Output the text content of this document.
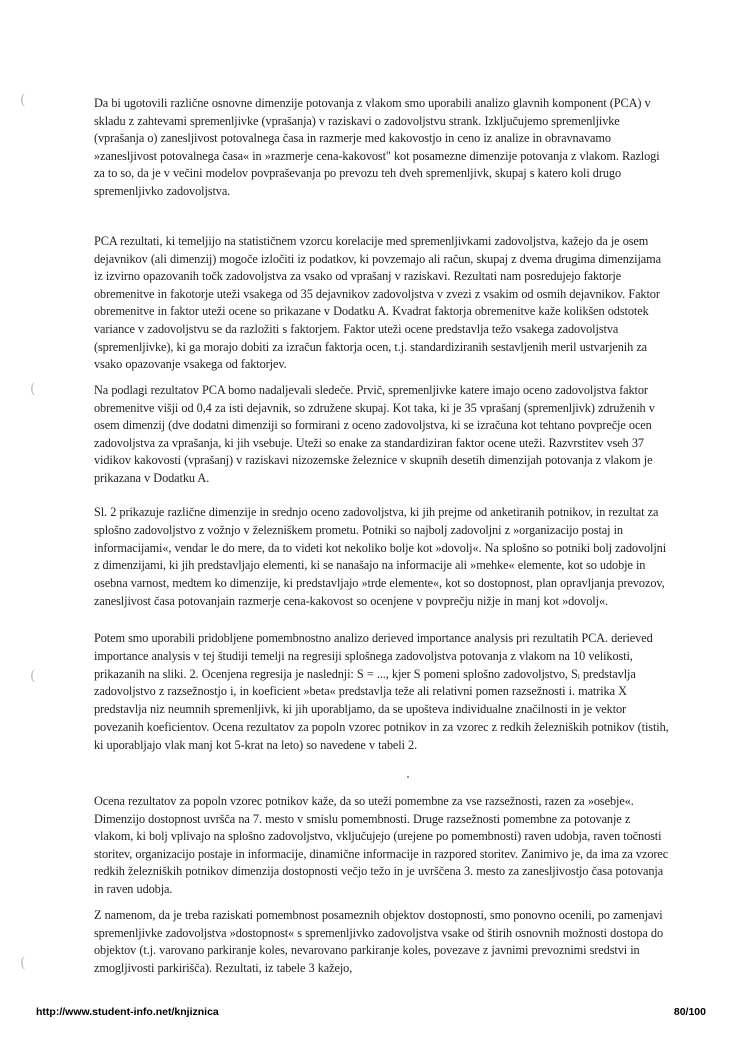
(
(
(
(

Da bi ugotovili različne osnovne dimenzije potovanja z vlakom smo uporabili analizo glavnih komponent (PCA) v skladu z zahtevami spremenljivke (vprašanja) v raziskavi o zadovoljstvu strank. Izključujemo spremenljivke (vprašanja o) zanesljivost potovalnega časa in razmerje med kakovostjo in ceno iz analize in obravnavamo »zanesljivost potovalnega časa« in »razmerje cena-kakovost" kot posamezne dimenzije potovanja z vlakom. Razlogi za to so, da je v večini modelov povpraševanja po prevozu teh dveh spremenljivk, skupaj s katero koli drugo spremenljivko zadovoljstva.

PCA rezultati, ki temeljijo na statističnem vzorcu korelacije med spremenljivkami zadovoljstva, kažejo da je osem dejavnikov (ali dimenzij) mogoče izločiti iz podatkov, ki povzemajo ali račun, skupaj z dvema drugima dimenzijama iz izvirno opazovanih točk zadovoljstva za vsako od vprašanj v raziskavi. Rezultati nam posredujejo faktorje obremenitve in fakotorje uteži vsakega od 35 dejavnikov zadovoljstva v zvezi z vsakim od osmih dejavnikov. Faktor obremenitve in faktor uteži ocene so prikazane v Dodatku A. Kvadrat faktorja obremenitve kaže kolikšen odstotek variance v zadovoljstvu se da razložiti s faktorjem. Faktor uteži ocene predstavlja težo vsakega zadovoljstva (spremenljivke), ki ga morajo dobiti za izračun faktorja ocen, t.j. standardiziranih sestavljenih meril ustvarjenih za vsako opazovanje vsakega od faktorjev.

Na podlagi rezultatov PCA bomo nadaljevali sledeče. Prvič, spremenljivke katere imajo oceno zadovoljstva faktor obremenitve višji od 0,4 za isti dejavnik, so združene skupaj. Kot taka, ki je 35 vprašanj (spremenljivk) združenih v osem dimenzij (dve dodatni dimenziji so formirani z oceno zadovoljstva, ki se izračuna kot tehtano povprečje ocen zadovoljstva za vprašanja, ki jih vsebuje. Uteži so enake za standardiziran faktor ocene uteži. Razvrstitev vseh 37 vidikov kakovosti (vprašanj) v raziskavi nizozemske železnice v skupnih desetih dimenzijah potovanja z vlakom je prikazana v Dodatku A.

Sl. 2 prikazuje različne dimenzije in srednjo oceno zadovoljstva, ki jih prejme od anketiranih potnikov, in rezultat za splošno zadovoljstvo z vožnjo v železniškem prometu. Potniki so najbolj zadovoljni z »organizacijo postaj in informacijami«, vendar le do mere, da to videti kot nekoliko bolje kot »dovolj«. Na splošno so potniki bolj zadovoljni z dimenzijami, ki jih predstavljajo elementi, ki se nanašajo na informacije ali »mehke« elemente, kot so udobje in osebna varnost, medtem ko dimenzije, ki predstavljajo »trde elemente«, kot so dostopnost, plan opravljanja prevozov, zanesljivost časa potovanjain razmerje cena-kakovost so ocenjene v povprečju nižje in manj kot »dovolj«.

Potem smo uporabili pridobljene pomembnostno analizo derieved importance analysis pri rezultatih PCA. derieved importance analysis v tej študiji temelji na regresiji splošnega zadovoljstva potovanja z vlakom na 10 velikosti, prikazanih na sliki. 2. Ocenjena regresija je naslednji: S = ..., kjer S pomeni splošno zadovoljstvo, Sᵢ predstavlja zadovoljstvo z razsežnostjo i, in koeficient »beta« predstavlja teže ali relativni pomen razsežnosti i. matrika X predstavlja niz neumnih spremenljivk, ki jih uporabljamo, da se upošteva individualne značilnosti in je vektor povezanih koeficientov. Ocena rezultatov za popoln vzorec potnikov in za vzorec z redkih železniških potnikov (tistih, ki uporabljajo vlak manj kot 5-krat na leto) so navedene v tabeli 2.

Ocena rezultatov za popoln vzorec potnikov kaže, da so uteži pomembne za vse razsežnosti, razen za »osebje«. Dimenzijo dostopnost uvršča na 7. mesto v smislu pomembnosti. Druge razsežnosti pomembne za potovanje z vlakom, ki bolj vplivajo na splošno zadovoljstvo, vključujejo (urejene po pomembnosti) raven udobja, raven točnosti storitev, organizacijo postaje in informacije, dinamične informacije in razpored storitev. Zanimivo je, da ima za vzorec redkih železniških potnikov dimenzija dostopnosti večjo težo in je uvrščena 3. mesto za zanesljivostjo časa potovanja in raven udobja.

Z namenom, da je treba raziskati pomembnost posameznih objektov dostopnosti, smo ponovno ocenili, po zamenjavi spremenljivke zadovoljstva »dostopnost« s spremenljivko zadovoljstva vsake od štirih osnovnih možnosti dostopa do objektov (t.j. varovano parkiranje koles, nevarovano parkiranje koles, povezave z javnimi prevoznimi sredstvi in zmogljivosti parkirišča). Rezultati, iz tabele 3 kažejo,

http://www.student-info.net/knjiznica	80/100
